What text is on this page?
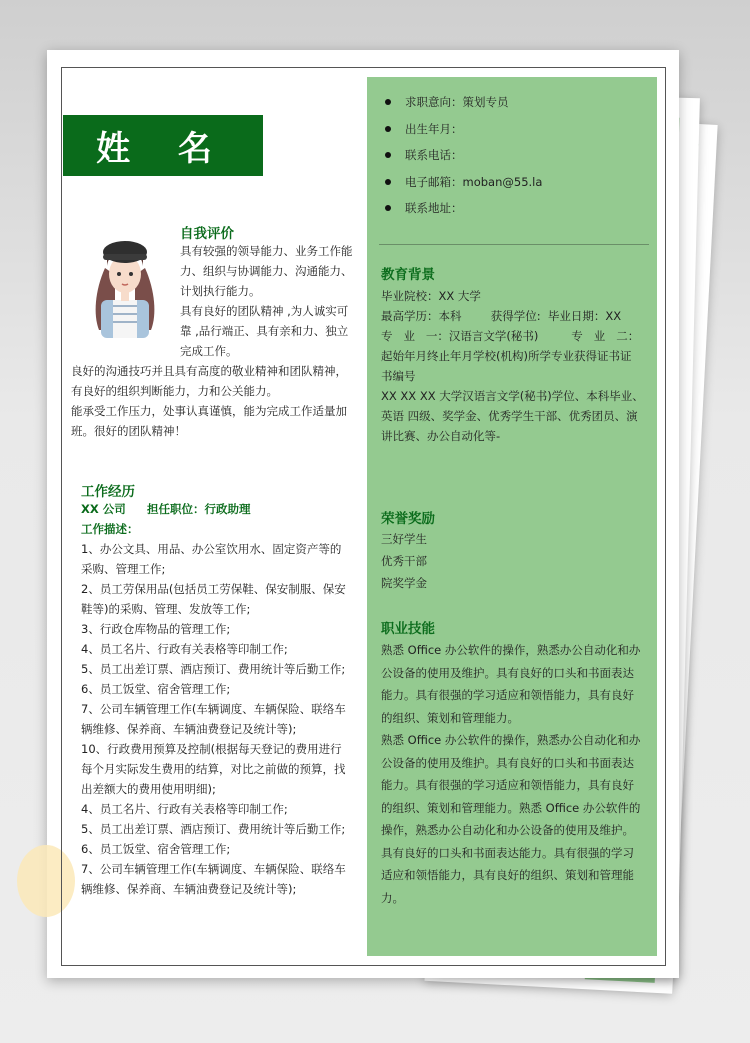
姓 名
自我评价
具有较强的领导能力、业务工作能
力、组织与协调能力、沟通能力、
计划执行能力。
具有良好的团队精神 ,为人诚实可
靠 ,品行端正、具有亲和力、独立
完成工作。
良好的沟通技巧并且具有高度的敬业精神和团队精神，
有良好的组织判断能力，力和公关能力。
能承受工作压力，处事认真谨慎，能为完成工作适量加
班。很好的团队精神！
工作经历
XX 公司 担任职位：行政助理
工作描述：
1、办公文具、用品、办公室饮用水、固定资产等的
采购、管理工作;
2、员工劳保用品(包括员工劳保鞋、保安制服、保安
鞋等)的采购、管理、发放等工作;
3、行政仓库物品的管理工作;
4、员工名片、行政有关表格等印制工作;
5、员工出差订票、酒店预订、费用统计等后勤工作;
6、员工饭堂、宿舍管理工作;
7、公司车辆管理工作(车辆调度、车辆保险、联络车
辆维修、保养商、车辆油费登记及统计等);
10、行政费用预算及控制(根据每天登记的费用进行
每个月实际发生费用的结算，对比之前做的预算，找
出差额大的费用使用明细);
4、员工名片、行政有关表格等印制工作;
5、员工出差订票、酒店预订、费用统计等后勤工作;
6、员工饭堂、宿舍管理工作;
7、公司车辆管理工作(车辆调度、车辆保险、联络车
辆维修、保养商、车辆油费登记及统计等);
求职意向：策划专员
出生年月：
联系电话：
电子邮箱：moban@55.la
联系地址：
教育背景
毕业院校：XX 大学
最高学历：本科        获得学位:  毕业日期：XX
专   业   一：汉语言文学(秘书)         专   业   二：
起始年月终止年月学校(机构)所学专业获得证书证
书编号
XX XX XX 大学汉语言文学(秘书)学位、本科毕业、
英语 四级、奖学金、优秀学生干部、优秀团员、演
讲比赛、办公自动化等-
荣誉奖励
三好学生
优秀干部
院奖学金
职业技能
熟悉 Office 办公软件的操作，熟悉办公自动化和办
公设备的使用及维护。具有良好的口头和书面表达
能力。具有很强的学习适应和领悟能力，具有良好
的组织、策划和管理能力。
熟悉 Office 办公软件的操作，熟悉办公自动化和办
公设备的使用及维护。具有良好的口头和书面表达
能力。具有很强的学习适应和领悟能力，具有良好
的组织、策划和管理能力。熟悉 Office 办公软件的
操作，熟悉办公自动化和办公设备的使用及维护。
具有良好的口头和书面表达能力。具有很强的学习
适应和领悟能力，具有良好的组织、策划和管理能
力。
